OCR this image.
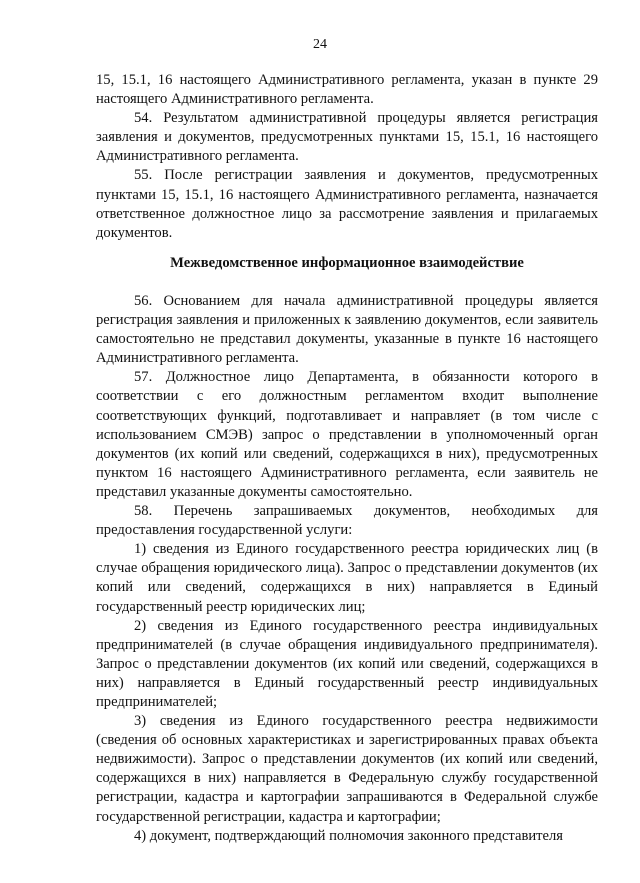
24

15, 15.1, 16 настоящего Административного регламента, указан в пункте 29 настоящего Административного регламента.

54. Результатом административной процедуры является регистрация заявления и документов, предусмотренных пунктами 15, 15.1, 16 настоящего Административного регламента.

55. После регистрации заявления и документов, предусмотренных пунктами 15, 15.1, 16 настоящего Административного регламента, назначается ответственное должностное лицо за рассмотрение заявления и прилагаемых документов.

Межведомственное информационное взаимодействие

56. Основанием для начала административной процедуры является регистрация заявления и приложенных к заявлению документов, если заявитель самостоятельно не представил документы, указанные в пункте 16 настоящего Административного регламента.

57. Должностное лицо Департамента, в обязанности которого в соответствии с его должностным регламентом входит выполнение соответствующих функций, подготавливает и направляет (в том числе с использованием СМЭВ) запрос о представлении в уполномоченный орган документов (их копий или сведений, содержащихся в них), предусмотренных пунктом 16 настоящего Административного регламента, если заявитель не представил указанные документы самостоятельно.

58. Перечень запрашиваемых документов, необходимых для предоставления государственной услуги:

1) сведения из Единого государственного реестра юридических лиц (в случае обращения юридического лица). Запрос о представлении документов (их копий или сведений, содержащихся в них) направляется в Единый государственный реестр юридических лиц;

2) сведения из Единого государственного реестра индивидуальных предпринимателей (в случае обращения индивидуального предпринимателя). Запрос о представлении документов (их копий или сведений, содержащихся в них) направляется в Единый государственный реестр индивидуальных предпринимателей;

3) сведения из Единого государственного реестра недвижимости (сведения об основных характеристиках и зарегистрированных правах объекта недвижимости). Запрос о представлении документов (их копий или сведений, содержащихся в них) направляется в Федеральную службу государственной регистрации, кадастра и картографии запрашиваются в Федеральной службе государственной регистрации, кадастра и картографии;

4) документ, подтверждающий полномочия законного представителя
